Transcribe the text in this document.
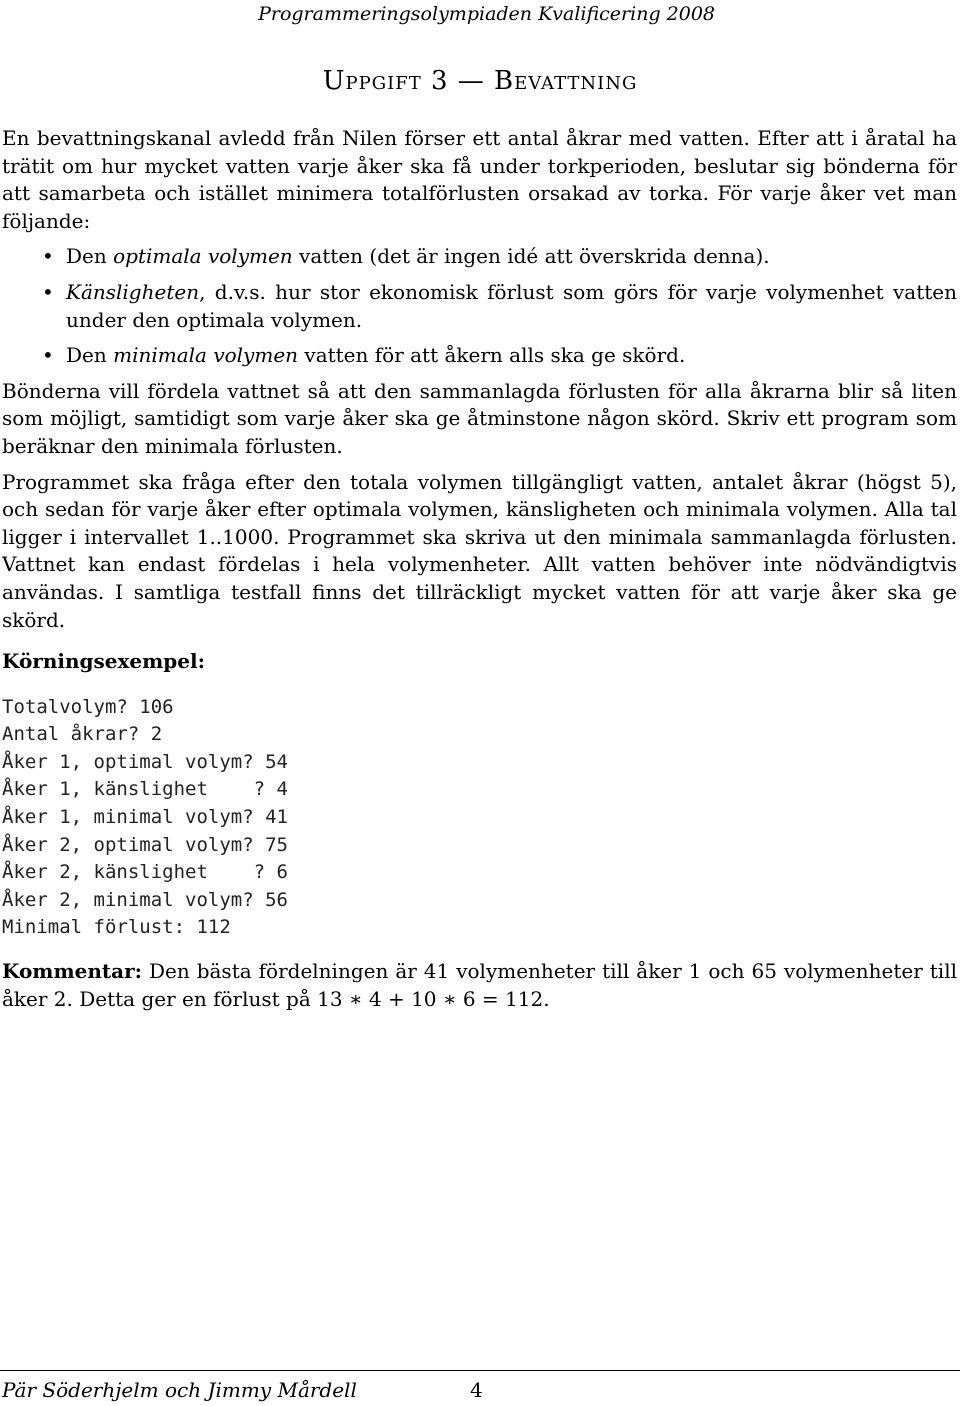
Programmeringsolympiaden Kvalificering 2008
Uppgift 3 — Bevattning

En bevattningskanal avledd från Nilen förser ett antal åkrar med vatten. Efter att i åratal ha trätit om hur mycket vatten varje åker ska få under torkperioden, beslutar sig bönderna för att samarbeta och istället minimera totalförlusten orsakad av torka. För varje åker vet man följande:

• Den optimala volymen vatten (det är ingen idé att överskrida denna).
• Känsligheten, d.v.s. hur stor ekonomisk förlust som görs för varje volymenhet vatten under den optimala volymen.
• Den minimala volymen vatten för att åkern alls ska ge skörd.

Bönderna vill fördela vattnet så att den sammanlagda förlusten för alla åkrarna blir så liten som möjligt, samtidigt som varje åker ska ge åtminstone någon skörd. Skriv ett program som beräknar den minimala förlusten.

Programmet ska fråga efter den totala volymen tillgängligt vatten, antalet åkrar (högst 5), och sedan för varje åker efter optimala volymen, känsligheten och minimala volymen. Alla tal ligger i intervallet 1..1000. Programmet ska skriva ut den minimala sammanlagda förlusten. Vattnet kan endast fördelas i hela volymenheter. Allt vatten behöver inte nödvändigtvis användas. I samtliga testfall finns det tillräckligt mycket vatten för att varje åker ska ge skörd.

Körningsexempel:
Totalvolym? 106
Antal åkrar? 2
Åker 1, optimal volym? 54
Åker 1, känslighet    ? 4
Åker 1, minimal volym? 41
Åker 2, optimal volym? 75
Åker 2, känslighet    ? 6
Åker 2, minimal volym? 56
Minimal förlust: 112

Kommentar: Den bästa fördelningen är 41 volymenheter till åker 1 och 65 volymenheter till åker 2. Detta ger en förlust på 13 ∗ 4 + 10 ∗ 6 = 112.

Pär Söderhjelm och Jimmy Mårdell	4
